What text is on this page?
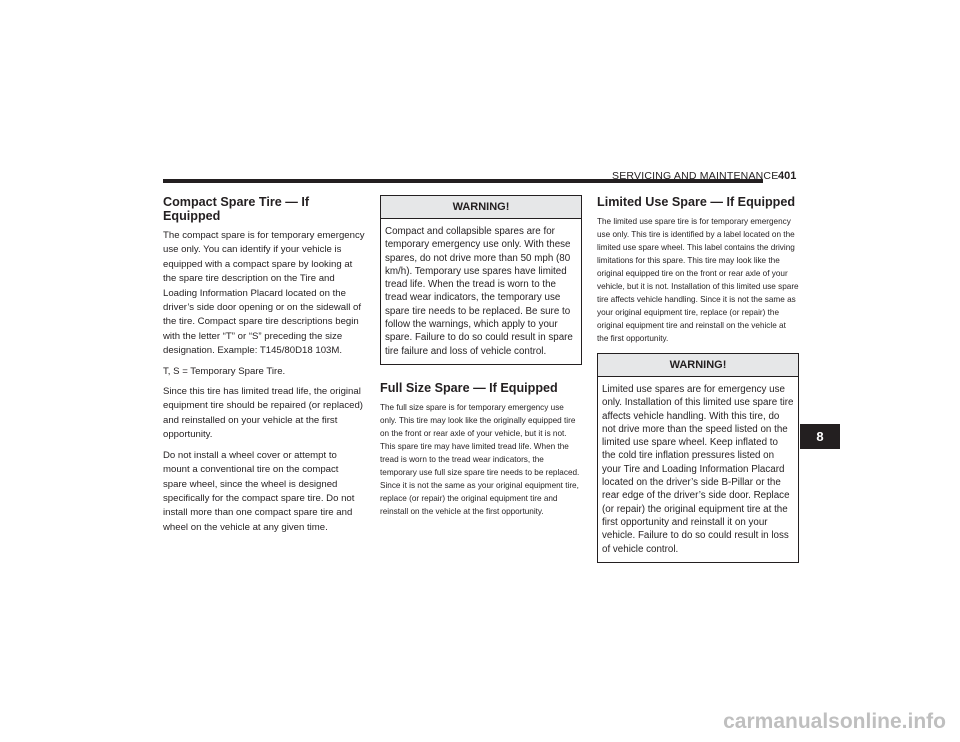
SERVICING AND MAINTENANCE 401
Compact Spare Tire — If Equipped

The compact spare is for temporary emergency use only. You can identify if your vehicle is equipped with a compact spare by looking at the spare tire description on the Tire and Loading Information Placard located on the driver’s side door opening or on the sidewall of the tire. Compact spare tire descriptions begin with the letter “T” or “S” preceding the size designation. Example: T145/80D18 103M.

T, S = Temporary Spare Tire.

Since this tire has limited tread life, the original equipment tire should be repaired (or replaced) and reinstalled on your vehicle at the first opportunity.

Do not install a wheel cover or attempt to mount a conventional tire on the compact spare wheel, since the wheel is designed specifically for the compact spare tire. Do not install more than one compact spare tire and wheel on the vehicle at any given time.

WARNING!
Compact and collapsible spares are for temporary emergency use only. With these spares, do not drive more than 50 mph (80 km/h). Temporary use spares have limited tread life. When the tread is worn to the tread wear indicators, the temporary use spare tire needs to be replaced. Be sure to follow the warnings, which apply to your spare. Failure to do so could result in spare tire failure and loss of vehicle control.
Full Size Spare — If Equipped

The full size spare is for temporary emergency use only. This tire may look like the originally equipped tire on the front or rear axle of your vehicle, but it is not. This spare tire may have limited tread life. When the tread is worn to the tread wear indicators, the temporary use full size spare tire needs to be replaced. Since it is not the same as your original equipment tire, replace (or repair) the original equipment tire and reinstall on the vehicle at the first opportunity.

Limited Use Spare — If Equipped

The limited use spare tire is for temporary emergency use only. This tire is identified by a label located on the limited use spare wheel. This label contains the driving limitations for this spare. This tire may look like the original equipped tire on the front or rear axle of your vehicle, but it is not. Installation of this limited use spare tire affects vehicle handling. Since it is not the same as your original equipment tire, replace (or repair) the original equipment tire and reinstall on the vehicle at the first opportunity.

WARNING!
Limited use spares are for emergency use only. Installation of this limited use spare tire affects vehicle handling. With this tire, do not drive more than the speed listed on the limited use spare wheel. Keep inflated to the cold tire inflation pressures listed on your Tire and Loading Information Placard located on the driver’s side B-Pillar or the rear edge of the driver’s side door. Replace (or repair) the original equipment tire at the first opportunity and reinstall it on your vehicle. Failure to do so could result in loss of vehicle control.
8
carmanualsonline.info
